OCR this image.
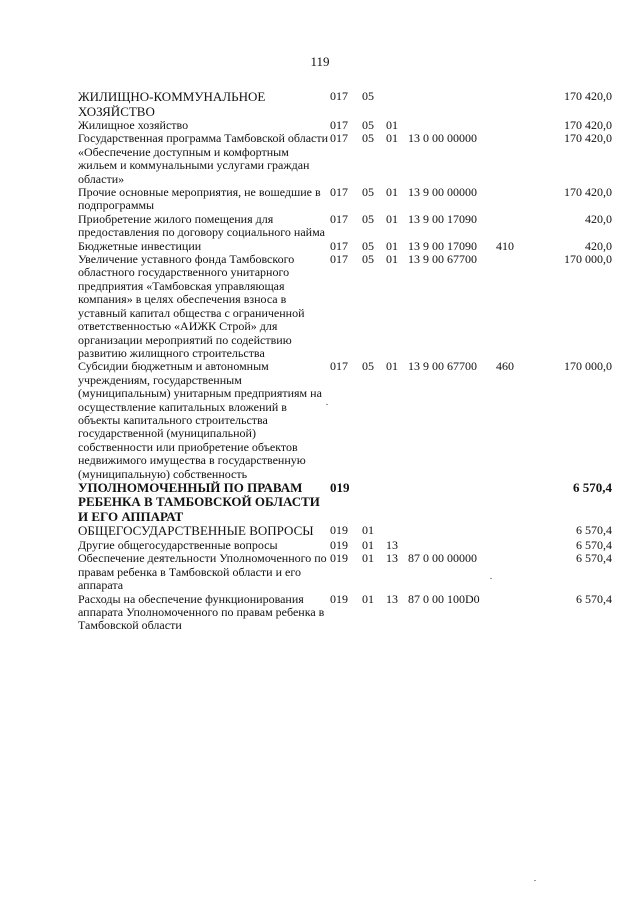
119
ЖИЛИЩНО-КОММУНАЛЬНОЕ ХОЗЯЙСТВО	017	05				170 420,0
Жилищное хозяйство	017	05	01			170 420,0
Государственная программа Тамбовской области «Обеспечение доступным и комфортным жильем и коммунальными услугами граждан области»	017	05	01	13 0 00 00000		170 420,0
Прочие основные мероприятия, не вошедшие в подпрограммы	017	05	01	13 9 00 00000		170 420,0
Приобретение жилого помещения для предоставления по договору социального найма	017	05	01	13 9 00 17090		420,0
Бюджетные инвестиции	017	05	01	13 9 00 17090	410	420,0
Увеличение уставного фонда Тамбовского областного государственного унитарного предприятия «Тамбовская управляющая компания» в целях обеспечения взноса в уставный капитал общества с ограниченной ответственностью «АИЖК Строй» для организации мероприятий по содействию развитию жилищного строительства	017	05	01	13 9 00 67700		170 000,0
Субсидии бюджетным и автономным учреждениям, государственным (муниципальным) унитарным предприятиям на осуществление капитальных вложений в объекты капитального строительства государственной (муниципальной) собственности или приобретение объектов недвижимого имущества в государственную (муниципальную) собственность	017	05	01	13 9 00 67700	460	170 000,0
УПОЛНОМОЧЕННЫЙ ПО ПРАВАМ РЕБЕНКА В ТАМБОВСКОЙ ОБЛАСТИ И ЕГО АППАРАТ	019					6 570,4
ОБЩЕГОСУДАРСТВЕННЫЕ ВОПРОСЫ	019	01				6 570,4
Другие общегосударственные вопросы	019	01	13			6 570,4
Обеспечение деятельности Уполномоченного по правам ребенка в Тамбовской области и его аппарата	019	01	13	87 0 00 00000		6 570,4
Расходы на обеспечение функционирования аппарата Уполномоченного по правам ребенка в Тамбовской области	019	01	13	87 0 00 100D0		6 570,4
